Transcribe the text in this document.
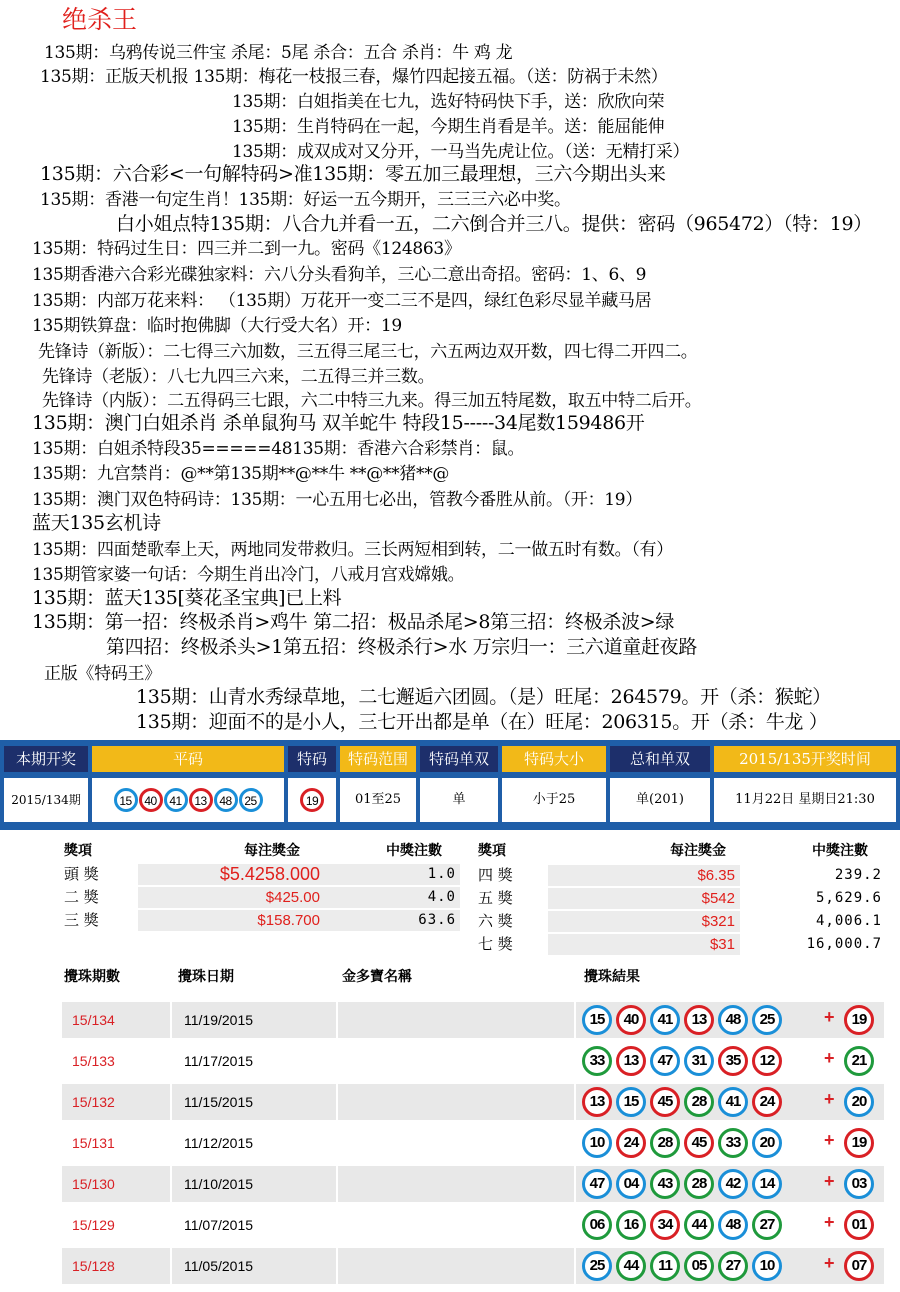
绝杀王
135期：乌鸦传说三件宝 杀尾：5尾 杀合：五合 杀肖：牛 鸡 龙
135期：正版天机报 135期：梅花一枝报三春，爆竹四起接五福。（送：防祸于未然）
135期：白姐指美在七九，选好特码快下手，送：欣欣向荣
135期：生肖特码在一起，今期生肖看是羊。送：能屈能伸
135期：成双成对又分开，一马当先虎让位。（送：无精打采）
135期：六合彩<一句解特码>准135期：零五加三最理想，三六今期出头来
135期：香港一句定生肖！135期：好运一五今期开，三三三六必中奖。
白小姐点特135期：八合九并看一五，二六倒合并三八。提供：密码（965472）（特：19）
135期：特码过生日：四三并二到一九。密码《124863》
135期香港六合彩光碟独家料：六八分头看狗羊，三心二意出奇招。密码：1、6、9
135期：内部万花来料： （135期）万花开一变二三不是四，绿红色彩尽显羊藏马居
135期铁算盘：临时抱佛脚（大行受大名）开：19
先锋诗（新版）：二七得三六加数，三五得三尾三七，六五两边双开数，四七得二开四二。
先锋诗（老版）：八七九四三六来，二五得三并三数。
先锋诗（内版）：二五得码三七跟，六二中特三九来。得三加五特尾数，取五中特二后开。
135期：澳门白姐杀肖 杀单鼠狗马 双羊蛇牛 特段15-----34尾数159486开
135期：白姐杀特段35=====48135期：香港六合彩禁肖：鼠。
135期：九宫禁肖：@**第135期**@**牛 **@**猪**@
135期：澳门双色特码诗：135期：一心五用七必出，管教今番胜从前。（开：19）
蓝天135玄机诗
135期：四面楚歌奉上天，两地同发带救归。三长两短相到转，二一做五时有数。（有）
135期管家婆一句话：今期生肖出冷门，八戒月宫戏嫦娥。
135期：蓝天135[葵花圣宝典]已上料
135期：第一招：终极杀肖>鸡牛 第二招：极品杀尾>8第三招：终极杀波>绿
第四招：终极杀头>1第五招：终极杀行>水 万宗归一：三六道童赶夜路
正版《特码王》
135期：山青水秀绿草地，二七邂逅六团圆。（是）旺尾：264579。开（杀：猴蛇）
135期：迎面不的是小人，三七开出都是单（在）旺尾：206315。开（杀：牛龙 ）
本期开奖	平码	特码	特码范围	特码单双	特码大小	总和单双	2015/135开奖时间
2015/134期	15 40 41 13 48 25	19	01至25	单	小于25	单(201)	11月22日 星期日21:30
獎項	每注獎金	中獎注數	獎項	每注獎金	中獎注數
頭 獎	$5.4258.000	1.0
二 獎	$425.00	4.0
三 獎	$158.700	63.6
四 獎	$6.35	239.2
五 獎	$542	5,629.6
六 獎	$321	4,006.1
七 獎	$31	16,000.7
攪珠期數	攪珠日期	金多寶名稱	攪珠結果
15/134	11/19/2015	15	40	41	13	48	25	+	19
15/133	11/17/2015	33	13	47	31	35	12	+	21
15/132	11/15/2015	13	15	45	28	41	24	+	20
15/131	11/12/2015	10	24	28	45	33	20	+	19
15/130	11/10/2015	47	04	43	28	42	14	+	03
15/129	11/07/2015	06	16	34	44	48	27	+	01
15/128	11/05/2015	25	44	11	05	27	10	+	07
